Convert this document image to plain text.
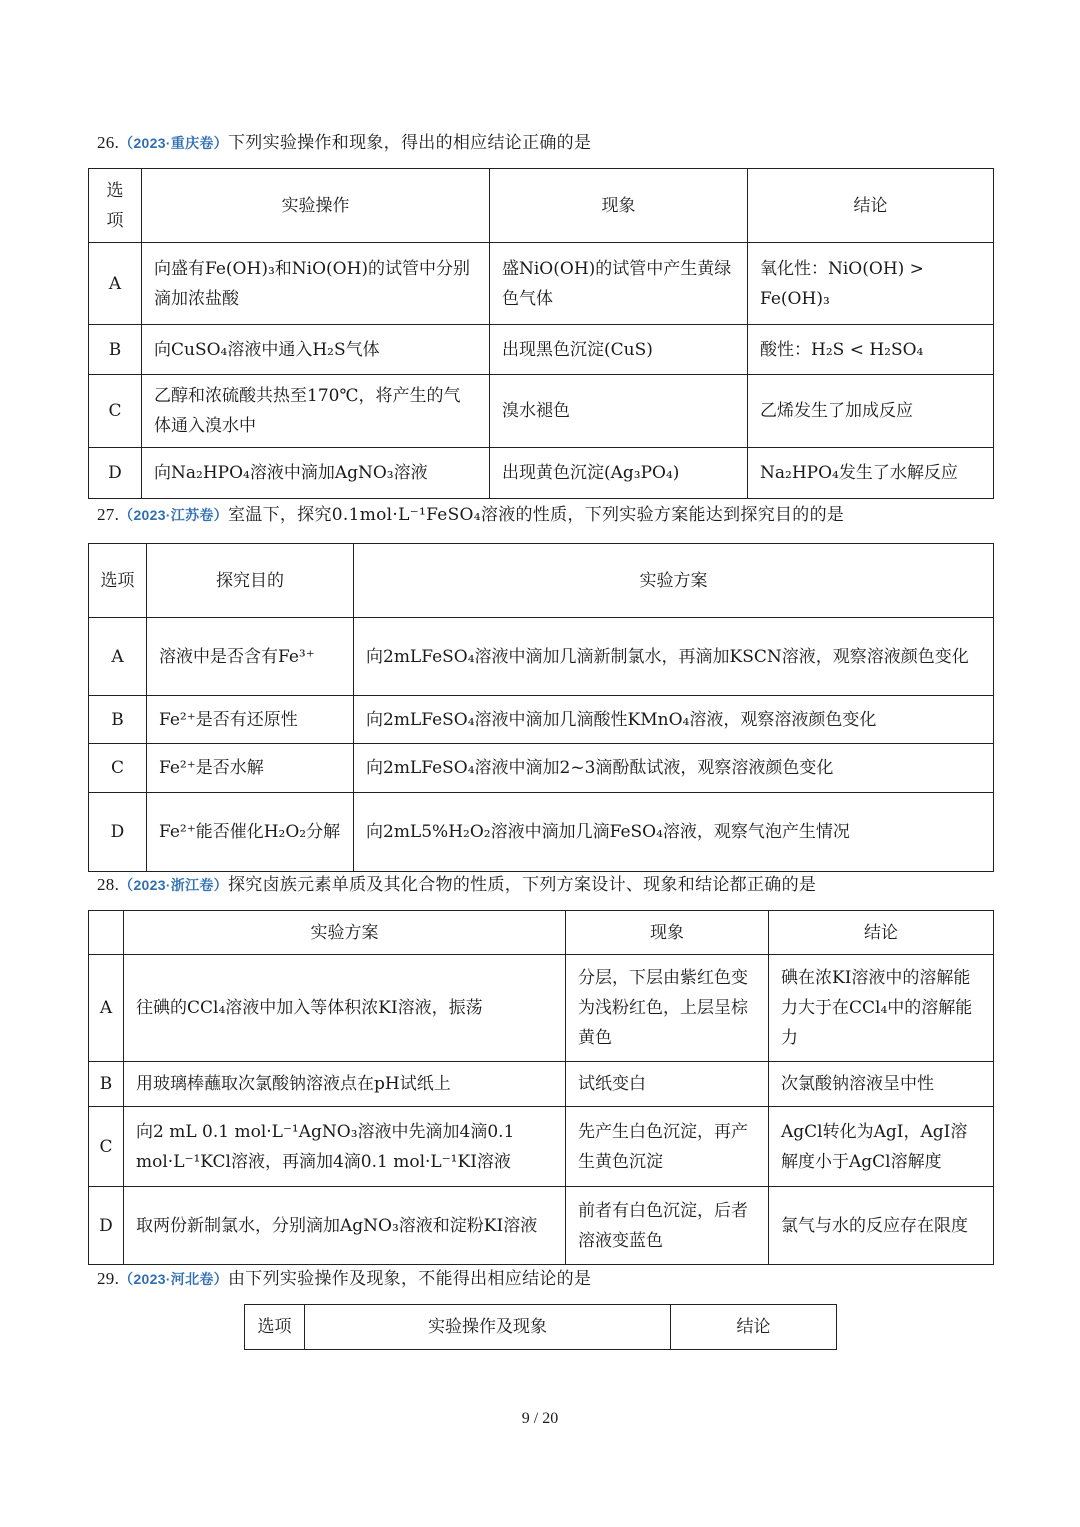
26.（2023·重庆卷）下列实验操作和现象，得出的相应结论正确的是
选项	实验操作	现象	结论
A	向盛有Fe(OH)₃和NiO(OH)的试管中分别滴加浓盐酸	盛NiO(OH)的试管中产生黄绿色气体	氧化性：NiO(OH) > Fe(OH)₃
B	向CuSO₄溶液中通入H₂S气体	出现黑色沉淀(CuS)	酸性：H₂S < H₂SO₄
C	乙醇和浓硫酸共热至170℃，将产生的气体通入溴水中	溴水褪色	乙烯发生了加成反应
D	向Na₂HPO₄溶液中滴加AgNO₃溶液	出现黄色沉淀(Ag₃PO₄)	Na₂HPO₄发生了水解反应
27.（2023·江苏卷）室温下，探究0.1mol·L⁻¹FeSO₄溶液的性质，下列实验方案能达到探究目的的是
选项	探究目的	实验方案
A	溶液中是否含有Fe³⁺	向2mLFeSO₄溶液中滴加几滴新制氯水，再滴加KSCN溶液，观察溶液颜色变化
B	Fe²⁺是否有还原性	向2mLFeSO₄溶液中滴加几滴酸性KMnO₄溶液，观察溶液颜色变化
C	Fe²⁺是否水解	向2mLFeSO₄溶液中滴加2~3滴酚酞试液，观察溶液颜色变化
D	Fe²⁺能否催化H₂O₂分解	向2mL5%H₂O₂溶液中滴加几滴FeSO₄溶液，观察气泡产生情况
28.（2023·浙江卷）探究卤族元素单质及其化合物的性质，下列方案设计、现象和结论都正确的是
	实验方案	现象	结论
A	往碘的CCl₄溶液中加入等体积浓KI溶液，振荡	分层，下层由紫红色变为浅粉红色，上层呈棕黄色	碘在浓KI溶液中的溶解能力大于在CCl₄中的溶解能力
B	用玻璃棒蘸取次氯酸钠溶液点在pH试纸上	试纸变白	次氯酸钠溶液呈中性
C	向2 mL 0.1 mol·L⁻¹AgNO₃溶液中先滴加4滴0.1 mol·L⁻¹KCl溶液，再滴加4滴0.1 mol·L⁻¹KI溶液	先产生白色沉淀，再产生黄色沉淀	AgCl转化为AgI，AgI溶解度小于AgCl溶解度
D	取两份新制氯水，分别滴加AgNO₃溶液和淀粉KI溶液	前者有白色沉淀，后者溶液变蓝色	氯气与水的反应存在限度
29.（2023·河北卷）由下列实验操作及现象，不能得出相应结论的是
选项	实验操作及现象	结论
9 / 20
